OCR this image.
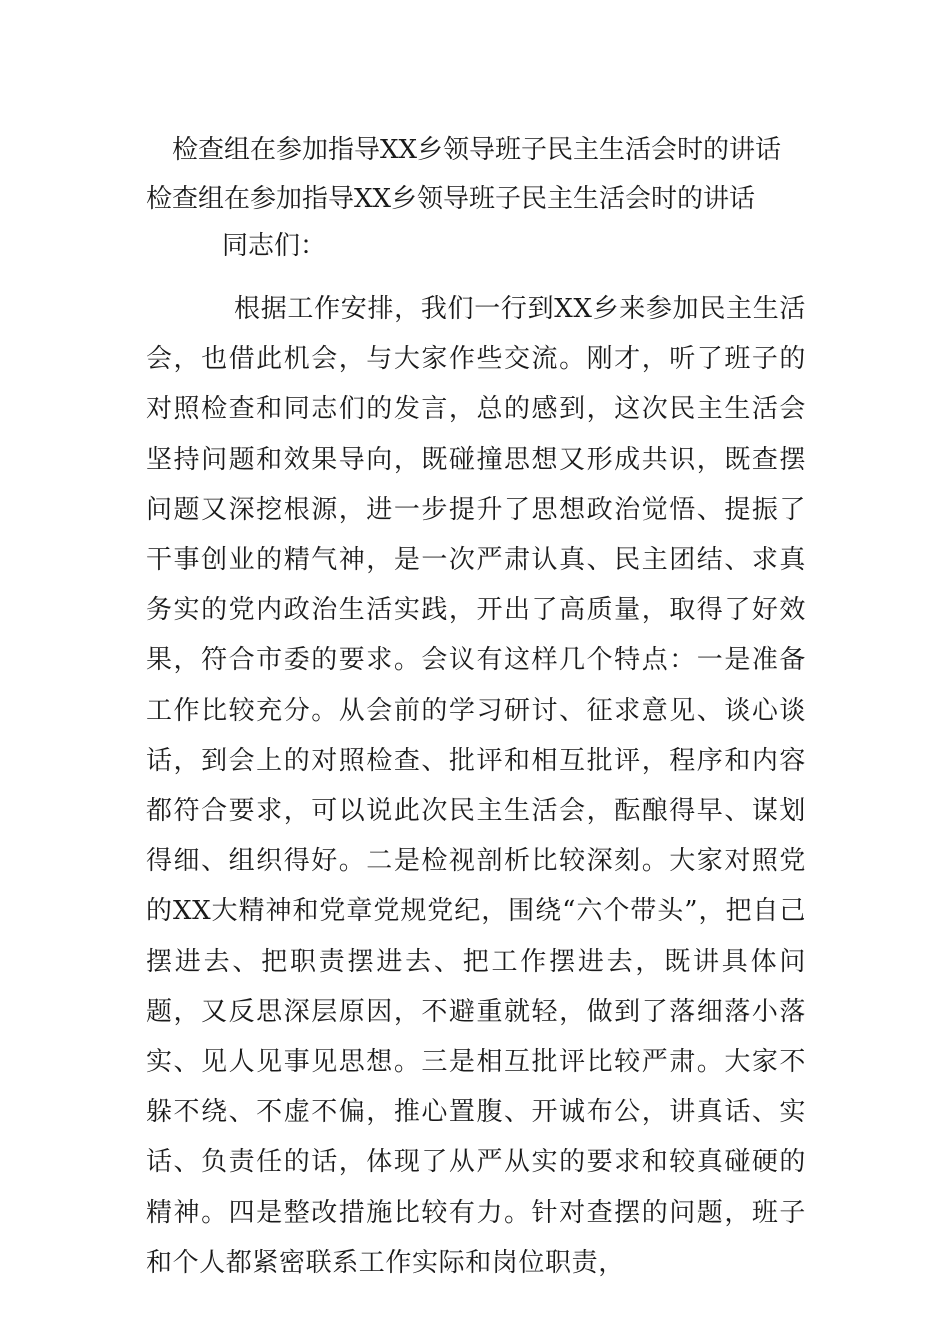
检查组在参加指导XX乡领导班子民主生活会时的讲话
检查组在参加指导XX乡领导班子民主生活会时的讲话
同志们：

根据工作安排，我们一行到XX乡来参加民主生活会，也借此机会，与大家作些交流。刚才，听了班子的对照检查和同志们的发言，总的感到，这次民主生活会坚持问题和效果导向，既碰撞思想又形成共识，既查摆问题又深挖根源，进一步提升了思想政治觉悟、提振了干事创业的精气神，是一次严肃认真、民主团结、求真务实的党内政治生活实践，开出了高质量，取得了好效果，符合市委的要求。会议有这样几个特点：一是准备工作比较充分。从会前的学习研讨、征求意见、谈心谈话，到会上的对照检查、批评和相互批评，程序和内容都符合要求，可以说此次民主生活会，酝酿得早、谋划得细、组织得好。二是检视剖析比较深刻。大家对照党的XX大精神和党章党规党纪，围绕“六个带头”，把自己摆进去、把职责摆进去、把工作摆进去，既讲具体问题，又反思深层原因，不避重就轻，做到了落细落小落实、见人见事见思想。三是相互批评比较严肃。大家不躲不绕、不虚不偏，推心置腹、开诚布公，讲真话、实话、负责任的话，体现了从严从实的要求和较真碰硬的精神。四是整改措施比较有力。针对查摆的问题，班子和个人都紧密联系工作实际和岗位职责，
